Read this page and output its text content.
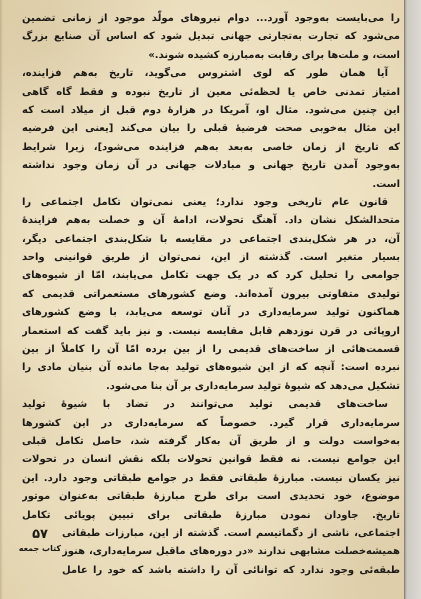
را می‌بایست به‌وجود آورد... دوام نیروهای مولّد موجود از زمانی تضمین
می‌شود که تجارت به‌تجارتی جهانی تبدیل شود که اساس آن صنایع بزرگ
است، و ملت‌ها برای رقابت به‌مبارزه کشیده شوند.»
آیا همان طور که لوی اشتروس می‌گوید، تاریخ به‌هم فزاینده،
امتیاز تمدنی خاص یا لحظه‌ئی معین از تاریخ نبوده و فقط گاه گاهی
این چنین می‌شود. مثال او، آمریکا در هزارهٔ دوم قبل از میلاد است که
این مثال به‌خوبی صحت فرضیهٔ قبلی را بیان می‌کند [یعنی این فرضیه
که تاریخ از زمان خاصی به‌بعد به‌هم فزاینده می‌شود]، زیرا شرایط
به‌وجود آمدن تاریخ جهانی و مبادلات جهانی در آن زمان وجود نداشته
است.
قانون عام تاریخی وجود ندارد؛ یعنی نمی‌توان تکامل اجتماعی را
متحدالشکل نشان داد. آهنگ تحولات، ادامهٔ آن و خصلت به‌هم فزایندهٔ
آن، در هر شکل‌بندی اجتماعی در مقایسه با شکل‌بندی اجتماعی دیگر،
بسیار متغیر است. گذشته از این، نمی‌توان از طریق قوانینی واحد
جوامعی را تحلیل کرد که در یک جهت تکامل می‌یابند، امّا از شیوه‌های
تولیدی متفاوتی بیرون آمده‌اند. وضع کشورهای مستعمراتی قدیمی که
هماکنون تولید سرمایه‌داری در آنان توسعه می‌یابد، با وضع کشورهای
اروپائی در قرن نوزدهم قابل مقایسه نیست. و نیز باید گفت که استعمار
قسمت‌هائی از ساخت‌های قدیمی را از بین برده امّا آن را کاملاً از بین
نبرده است: آنچه که از این شیوه‌های تولید به‌جا مانده آن بنیان مادی را
تشکیل می‌دهد که شیوهٔ تولید سرمایه‌داری بر آن بنا می‌شود.
ساخت‌های قدیمی تولید می‌توانند در تضاد با شیوهٔ تولید
سرمایه‌داری قرار گیرد. خصوصاً که سرمایه‌داری در این کشورها
به‌خواست دولت و از طریق آن به‌کار گرفته شد، حاصل تکامل قبلی
این جوامع نیست. نه فقط قوانین تحولات بلکه نقش انسان در تحولات
نیز یکسان نیست. مبارزهٔ طبقاتی فقط در جوامع طبقاتی وجود دارد. این
موضوع، خود تحدیدی است برای طرح مبارزهٔ طبقاتی به‌عنوان موتور
تاریخ. جاودان نمودن مبارزهٔ طبقاتی برای تبیین پویائی تکامل
اجتماعی، ناشی از دگماتیسم است. گذشته از این، مبارزات طبقاتی
همیشه‌خصلت مشابهی ندارند «در دوره‌های ماقبل سرمایه‌داری، هنوز
طبقه‌ئی وجود ندارد که توانائی آن را داشته باشد که خود را عامل
۵۷
کتاب جمعه
